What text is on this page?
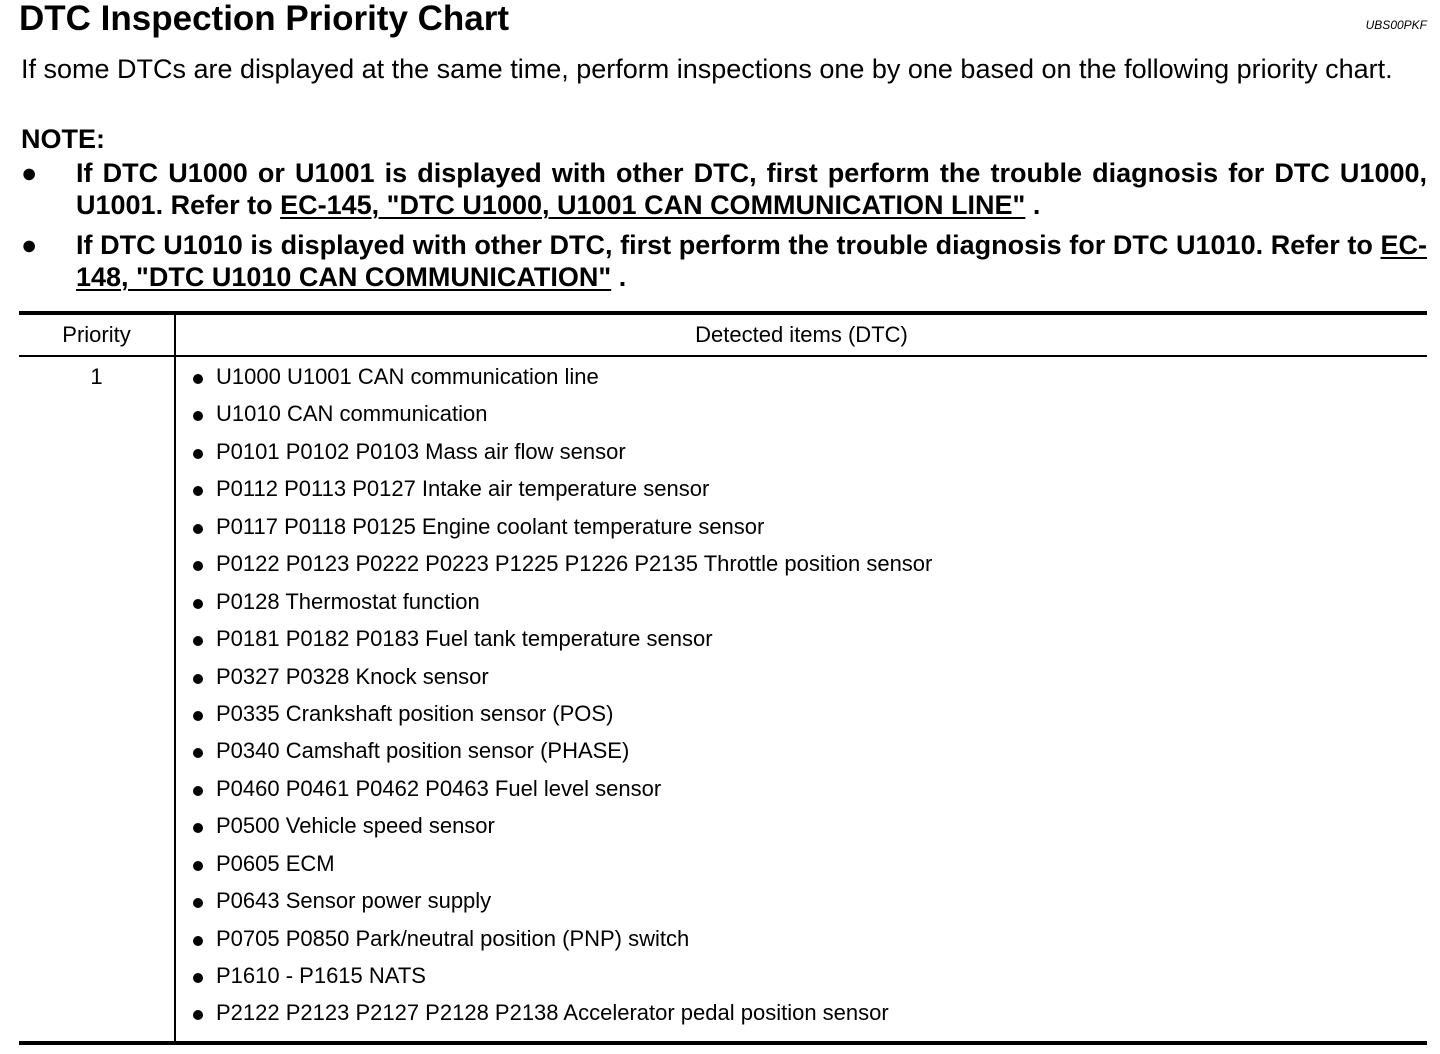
DTC Inspection Priority Chart	UBS00PKF

If some DTCs are displayed at the same time, perform inspections one by one based on the following priority chart.

NOTE:
● If DTC U1000 or U1001 is displayed with other DTC, first perform the trouble diagnosis for DTC U1000, U1001. Refer to EC-145, "DTC U1000, U1001 CAN COMMUNICATION LINE" .
● If DTC U1010 is displayed with other DTC, first perform the trouble diagnosis for DTC U1010. Refer to EC-148, "DTC U1010 CAN COMMUNICATION" .
Priority	Detected items (DTC)
1	U1000 U1001 CAN communication line
U1010 CAN communication
P0101 P0102 P0103 Mass air flow sensor
P0112 P0113 P0127 Intake air temperature sensor
P0117 P0118 P0125 Engine coolant temperature sensor
P0122 P0123 P0222 P0223 P1225 P1226 P2135 Throttle position sensor
P0128 Thermostat function
P0181 P0182 P0183 Fuel tank temperature sensor
P0327 P0328 Knock sensor
P0335 Crankshaft position sensor (POS)
P0340 Camshaft position sensor (PHASE)
P0460 P0461 P0462 P0463 Fuel level sensor
P0500 Vehicle speed sensor
P0605 ECM
P0643 Sensor power supply
P0705 P0850 Park/neutral position (PNP) switch
P1610 - P1615 NATS
P2122 P2123 P2127 P2128 P2138 Accelerator pedal position sensor
